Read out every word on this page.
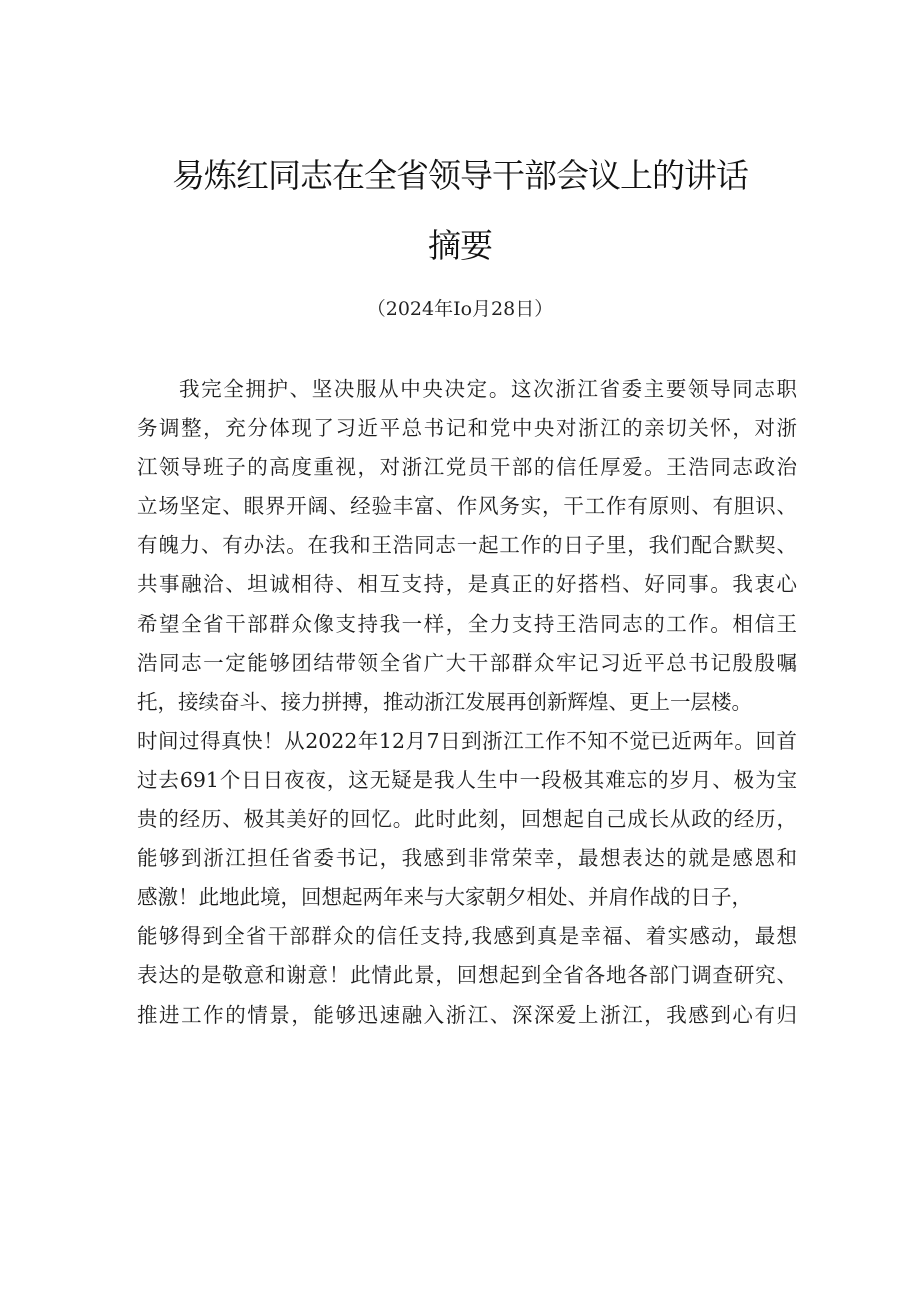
易炼红同志在全省领导干部会议上的讲话
摘要
（2024年Io月28日）
我完全拥护、坚决服从中央决定。这次浙江省委主要领导同志职
务调整，充分体现了习近平总书记和党中央对浙江的亲切关怀，对浙
江领导班子的高度重视，对浙江党员干部的信任厚爱。王浩同志政治
立场坚定、眼界开阔、经验丰富、作风务实，干工作有原则、有胆识、
有魄力、有办法。在我和王浩同志一起工作的日子里，我们配合默契、
共事融洽、坦诚相待、相互支持，是真正的好搭档、好同事。我衷心
希望全省干部群众像支持我一样，全力支持王浩同志的工作。相信王
浩同志一定能够团结带领全省广大干部群众牢记习近平总书记殷殷嘱
托，接续奋斗、接力拼搏，推动浙江发展再创新辉煌、更上一层楼。
时间过得真快！从2022年12月7日到浙江工作不知不觉已近两年。回首
过去691个日日夜夜，这无疑是我人生中一段极其难忘的岁月、极为宝
贵的经历、极其美好的回忆。此时此刻，回想起自己成长从政的经历，
能够到浙江担任省委书记，我感到非常荣幸，最想表达的就是感恩和
感激！此地此境，回想起两年来与大家朝夕相处、并肩作战的日子，
能够得到全省干部群众的信任支持,我感到真是幸福、着实感动，最想
表达的是敬意和谢意！此情此景，回想起到全省各地各部门调查研究、
推进工作的情景，能够迅速融入浙江、深深爱上浙江，我感到心有归
